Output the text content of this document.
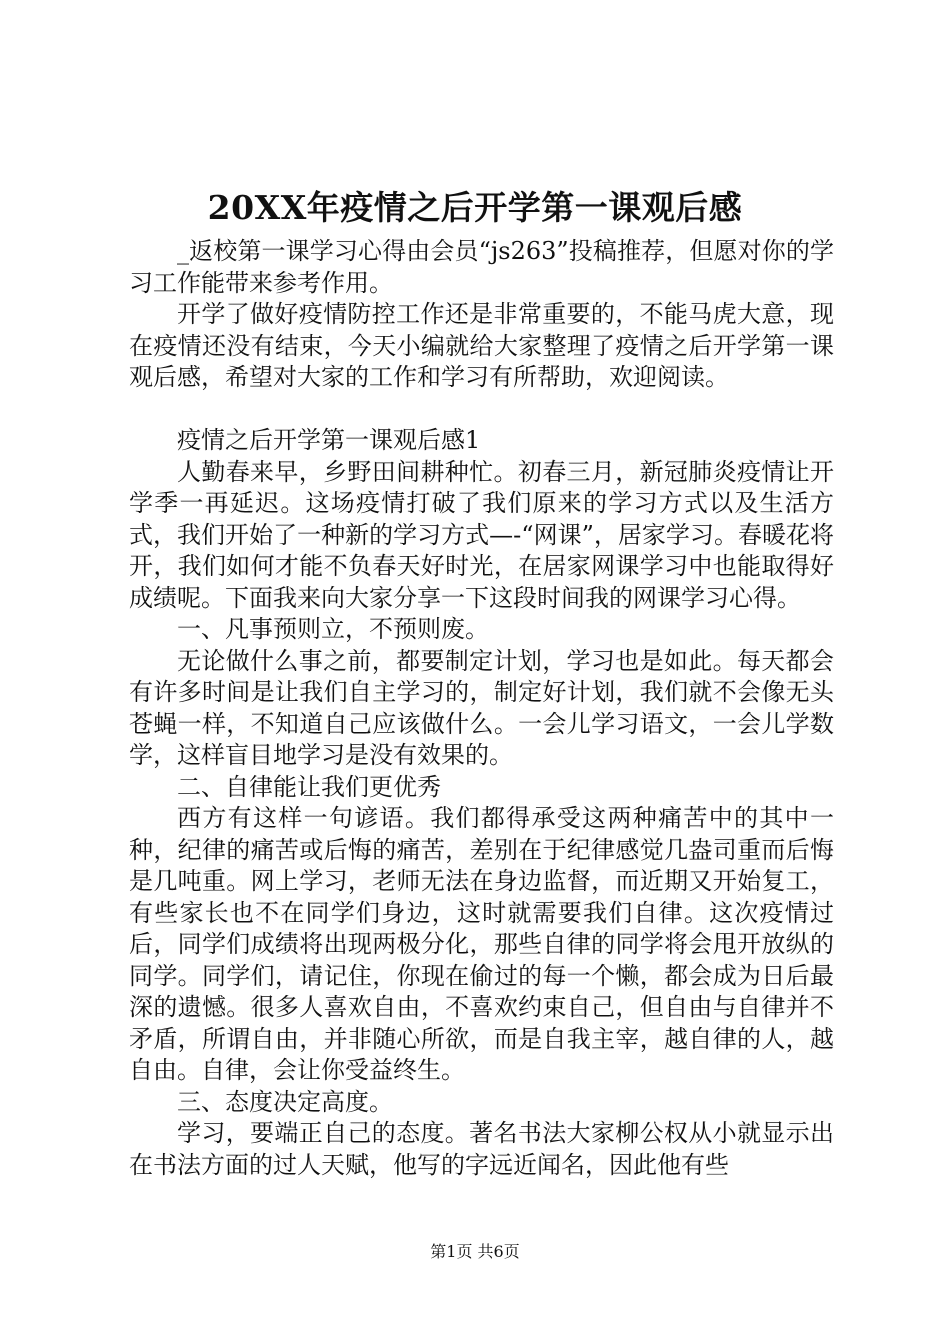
20XX年疫情之后开学第一课观后感

_返校第一课学习心得由会员“js263”投稿推荐，但愿对你的学习工作能带来参考作用。

开学了做好疫情防控工作还是非常重要的，不能马虎大意，现在疫情还没有结束，今天小编就给大家整理了疫情之后开学第一课观后感，希望对大家的工作和学习有所帮助，欢迎阅读。

疫情之后开学第一课观后感1

人勤春来早，乡野田间耕种忙。初春三月，新冠肺炎疫情让开学季一再延迟。这场疫情打破了我们原来的学习方式以及生活方式，我们开始了一种新的学习方式—-“网课”，居家学习。春暖花将开，我们如何才能不负春天好时光，在居家网课学习中也能取得好成绩呢。下面我来向大家分享一下这段时间我的网课学习心得。

一、凡事预则立，不预则废。

无论做什么事之前，都要制定计划，学习也是如此。每天都会有许多时间是让我们自主学习的，制定好计划，我们就不会像无头苍蝇一样，不知道自己应该做什么。一会儿学习语文，一会儿学数学，这样盲目地学习是没有效果的。

二、自律能让我们更优秀

西方有这样一句谚语。我们都得承受这两种痛苦中的其中一种，纪律的痛苦或后悔的痛苦，差别在于纪律感觉几盎司重而后悔是几吨重。网上学习，老师无法在身边监督，而近期又开始复工，有些家长也不在同学们身边，这时就需要我们自律。这次疫情过后，同学们成绩将出现两极分化，那些自律的同学将会甩开放纵的同学。同学们，请记住，你现在偷过的每一个懒，都会成为日后最深的遗憾。很多人喜欢自由，不喜欢约束自己，但自由与自律并不矛盾，所谓自由，并非随心所欲，而是自我主宰，越自律的人，越自由。自律，会让你受益终生。

三、态度决定高度。

学习，要端正自己的态度。著名书法大家柳公权从小就显示出在书法方面的过人天赋，他写的字远近闻名，因此他有些

第1页 共6页
